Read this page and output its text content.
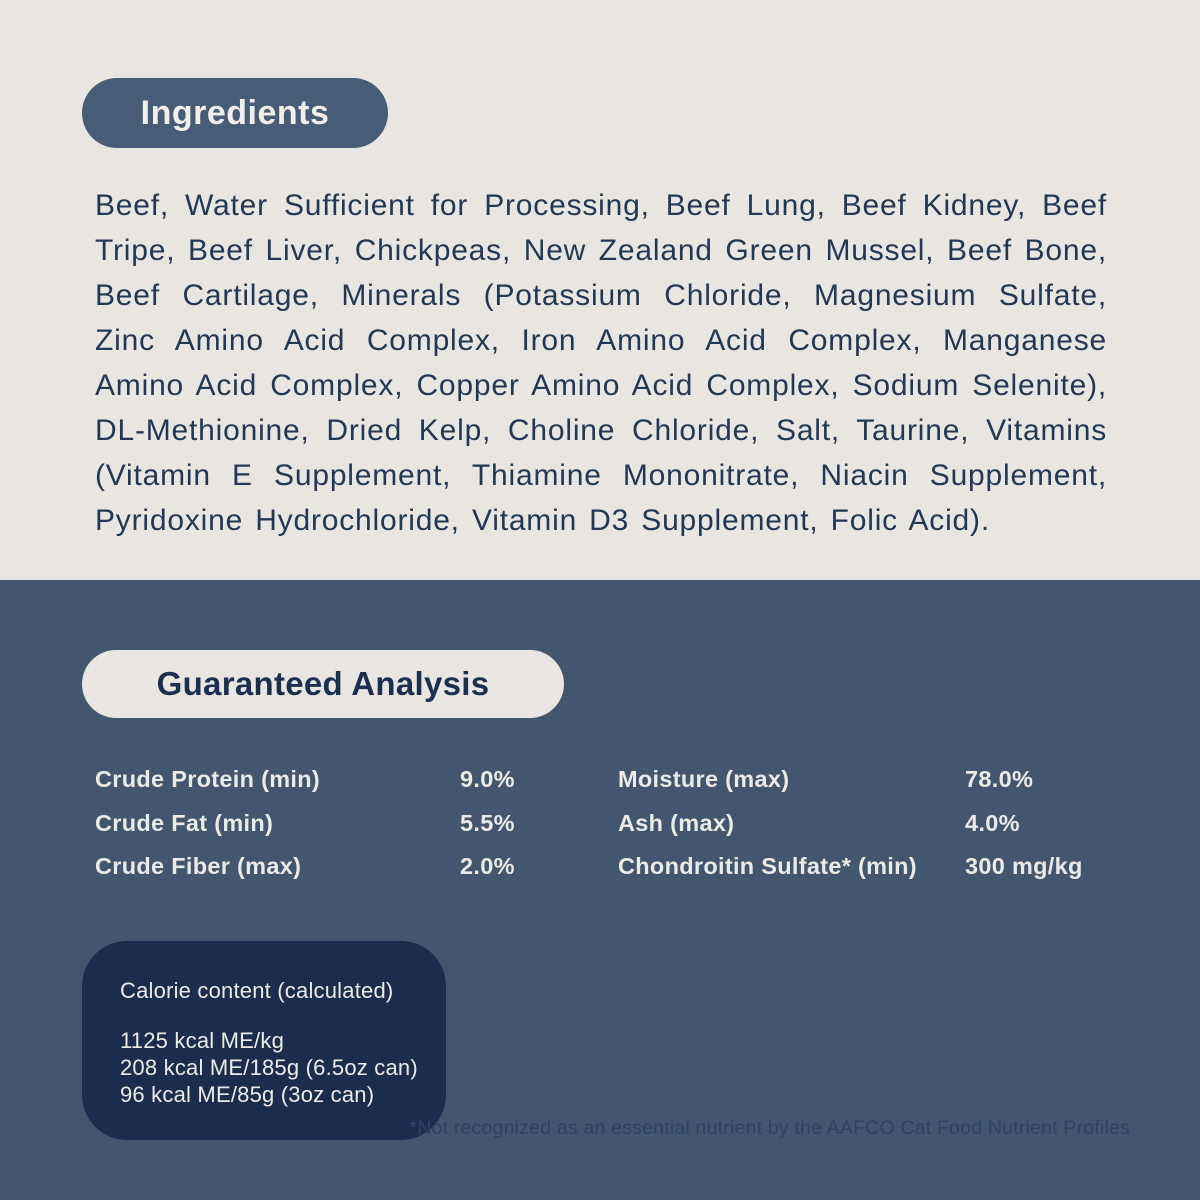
Ingredients

Beef, Water Sufficient for Processing, Beef Lung, Beef Kidney, Beef Tripe, Beef Liver, Chickpeas, New Zealand Green Mussel, Beef Bone, Beef Cartilage, Minerals (Potassium Chloride, Magnesium Sulfate, Zinc Amino Acid Complex, Iron Amino Acid Complex, Manganese Amino Acid Complex, Copper Amino Acid Complex, Sodium Selenite), DL-Methionine, Dried Kelp, Choline Chloride, Salt, Taurine, Vitamins (Vitamin E Supplement, Thiamine Mononitrate, Niacin Supplement, Pyridoxine Hydrochloride, Vitamin D3 Supplement, Folic Acid).

Guaranteed Analysis
Crude Protein (min)	9.0%	Moisture (max)	78.0%
Crude Fat (min)	5.5%	Ash (max)	4.0%
Crude Fiber (max)	2.0%	Chondroitin Sulfate* (min)	300 mg/kg
Calorie content (calculated)
1125 kcal ME/kg
208 kcal ME/185g (6.5oz can)
96 kcal ME/85g (3oz can)
*Not recognized as an essential nutrient by the AAFCO Cat Food Nutrient Profiles
